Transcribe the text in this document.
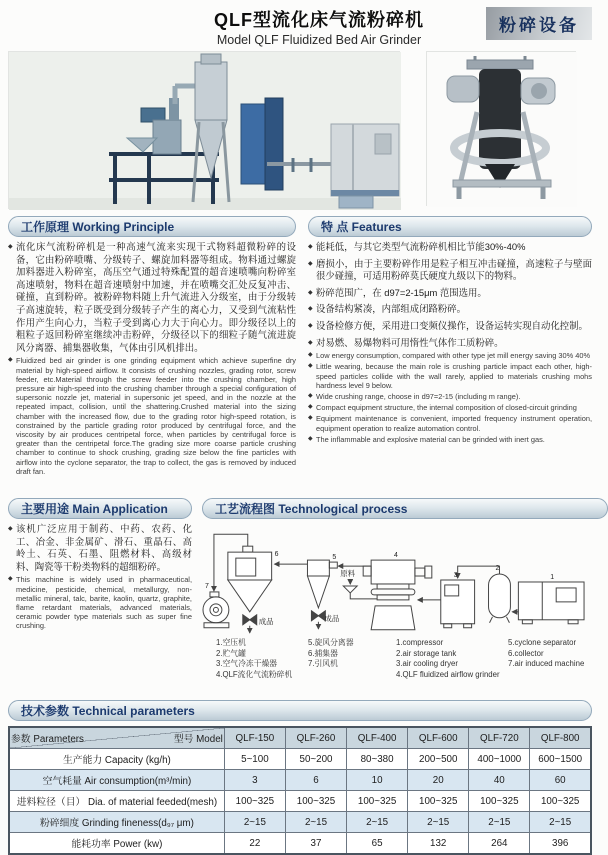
QLF型流化床气流粉碎机
Model QLF Fluidized Bed Air Grinder
粉碎设备
工作原理 Working Principle

◆ 流化床气流粉碎机是一种高速气流来实现干式物料超微粉碎的设备，它由粉碎喷嘴、分级转子、螺旋加料器等组成。物料通过螺旋加料器进入粉碎室，高压空气通过特殊配置的超音速喷嘴向粉碎室高速喷射，物料在超音速喷射中加速，并在喷嘴交汇处反复冲击、碰撞，直到粉碎。被粉碎物料随上升气流进入分级室，由于分级转子高速旋转，粒子既受到分级转子产生的离心力，又受到气流粘性作用产生向心力，当粒子受到离心力大于向心力。即分级径以上的粗粒子返回粉碎室继续冲击粉碎，分级径以下的细粒子随气流进旋风分离器、捕集器收集，气体由引风机排出。

◆ Fluidized bed air grinder is one grinding equipment which achieve superfine dry material by high-speed airflow. It consists of crushing nozzles, grading rotor, screw feeder, etc.Material through the screw feeder into the crushing chamber, high pressure air high-speed into the crushing chamber through a special configuration of supersonic nozzle jet, material in supersonic jet speed, and in the nozzle at the repeated impact, collision, until the shattering.Crushed material into the sizing chamber with the increased flow, due to the grading rotor high-speed rotation, is constrained by the particle grading rotor produced by centrifugal force, and the viscosity by air produces centripetal force, when particles by centrifugal force is greater than the centripetal force.The grading size more coarse particle crushing chamber to continue to shock crushing, grading size below the fine particles with airflow into the cyclone separator, the trap to collect, the gas is removed by induced draft fan.

特 点 Features
◆ 能耗低，与其它类型气流粉碎机相比节能30%-40%
◆ 磨损小，由于主要粉碎作用是粒子相互冲击碰撞，高速粒子与壁面很少碰撞，可适用粉碎莫氏硬度九级以下的物料。
◆ 粉碎范围广，在 d97=2-15μm 范围选用。
◆ 设备结构紧凑，内部组成闭路粉碎。
◆ 设备检修方便，采用进口变频仪操作，设备运转实现自动化控制。
◆ 对易燃、易爆物料可用惰性气体作工质粉碎。
◆ Low energy consumption, compared with other type jet mill energy saving 30% 40%
◆ Little wearing, because the main role is crushing particle impact each other, high-speed particles collide with the wall rarely, applied to materials crushing mohs hardness level 9 below.
◆ Wide crushing range, choose in d97=2-15 (including m range).
◆ Compact equipment structure, the internal composition of closed-circuit grinding
◆ Equipment maintenance is convenient, imported frequency instrument operation, equipment operation to realize automation control.
◆ The inflammable and explosive material can be grinded with inert gas.
主要用途 Main Application

◆ 该机广泛应用于制药、中药、农药、化工、冶金、非金属矿、滑石、重晶石、高岭土、石英、石墨、阻燃材料、高级材料、陶瓷等干粉类物料的超细粉碎。

◆ This machine is widely used in pharmaceutical, medicine, pesticide, chemical, metallurgy, non-metallic mineral, talc, barite, kaolin, quartz, graphite, flame retardant materials, advanced materials, ceramic powder type materials such as super fine crushing.

工艺流程图 Technological process
1
2
3
4
5
6
7
原料
成品
成品
1.空压机
2.贮气罐
3.空气冷冻干燥器
4.QLF流化气流粉碎机
5.旋风分离器
6.捕集器
7.引风机
1.compressor
2.air storage tank
3.air cooling dryer
4.QLF fluidized airflow grinder
5.cyclone separator
6.collector
7.air induced machine
技术参数 Technical parameters
参数 Parameters 型号 Model	QLF-150	QLF-260	QLF-400	QLF-600	QLF-720	QLF-800
生产能力 Capacity (kg/h)	5~100	50~200	80~380	200~500	400~1000	600~1500
空气耗量 Air consumption(m³/min)	3	6	10	20	40	60
进料粒径（目） Dia. of material feeded(mesh)	100~325	100~325	100~325	100~325	100~325	100~325
粉碎细度 Grinding fineness(d₉₇ μm)	2~15	2~15	2~15	2~15	2~15	2~15
能耗功率 Power (kw)	22	37	65	132	264	396
